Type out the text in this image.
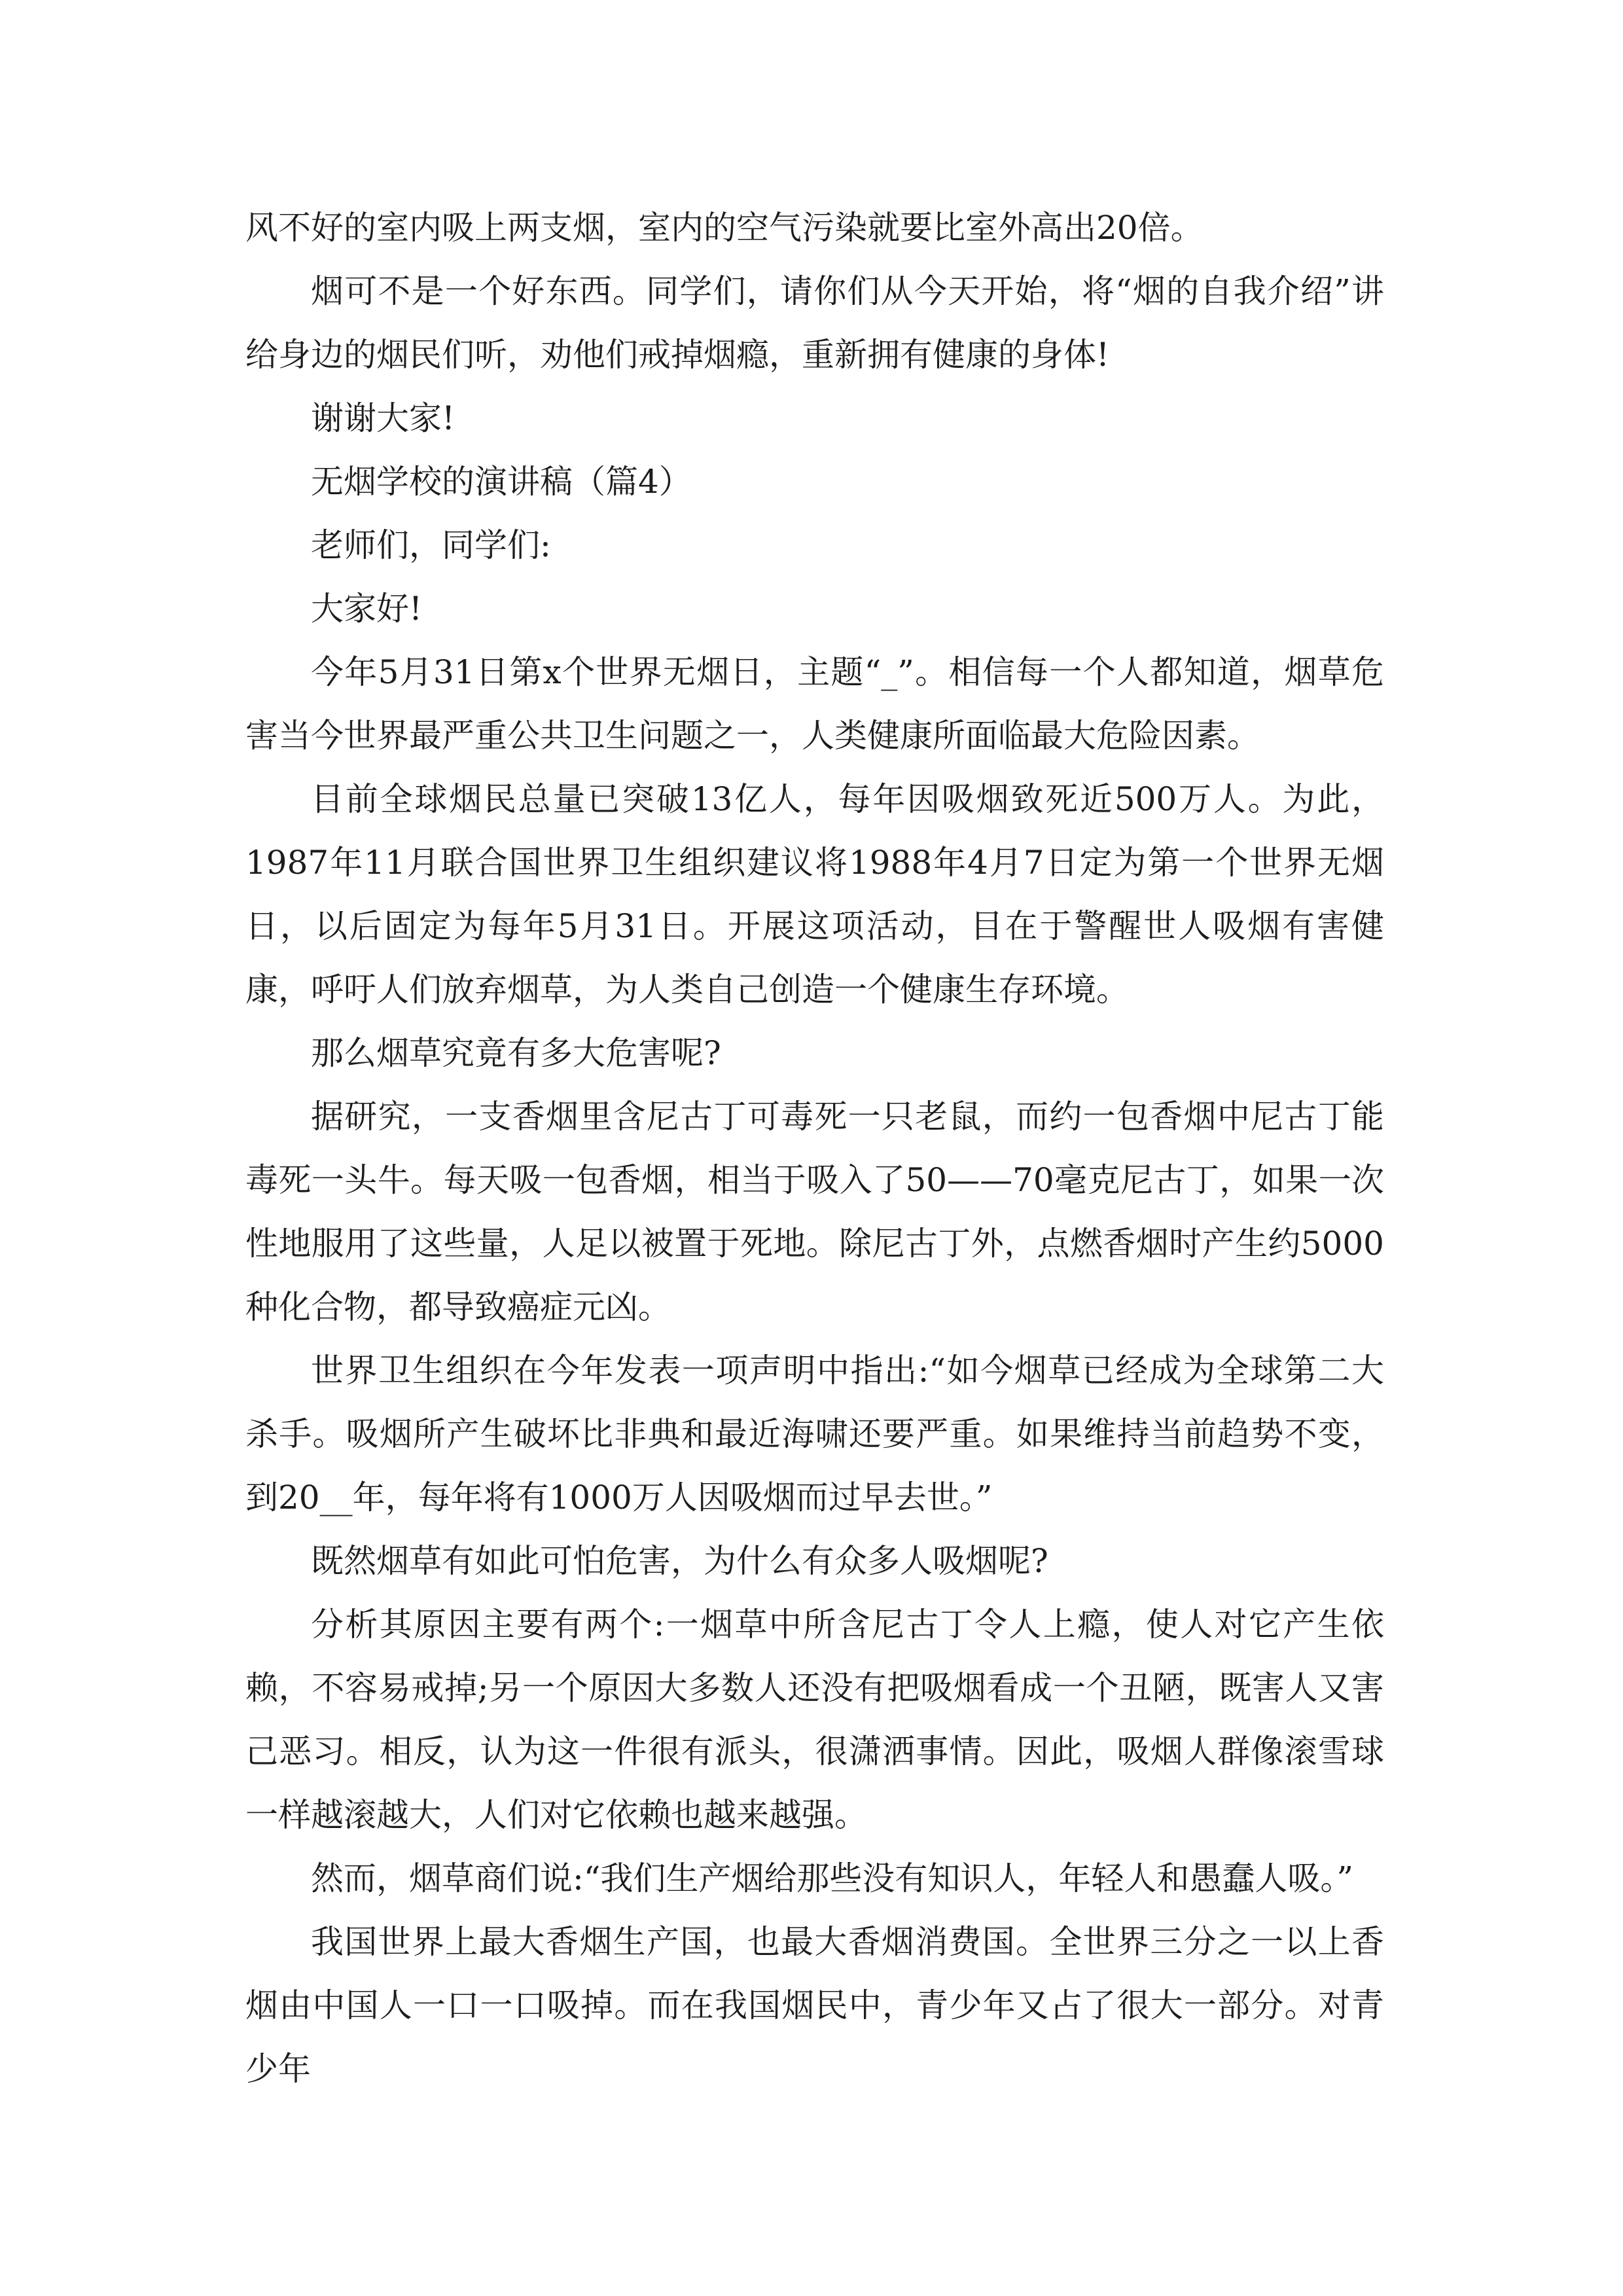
风不好的室内吸上两支烟，室内的空气污染就要比室外高出20倍。

烟可不是一个好东西。同学们，请你们从今天开始，将“烟的自我介绍”讲给身边的烟民们听，劝他们戒掉烟瘾，重新拥有健康的身体!

谢谢大家!

无烟学校的演讲稿（篇4）

老师们，同学们:

大家好!

今年5月31日第x个世界无烟日，主题“_”。相信每一个人都知道，烟草危害当今世界最严重公共卫生问题之一，人类健康所面临最大危险因素。

目前全球烟民总量已突破13亿人，每年因吸烟致死近500万人。为此，1987年11月联合国世界卫生组织建议将1988年4月7日定为第一个世界无烟日，以后固定为每年5月31日。开展这项活动，目在于警醒世人吸烟有害健康，呼吁人们放弃烟草，为人类自己创造一个健康生存环境。

那么烟草究竟有多大危害呢?

据研究，一支香烟里含尼古丁可毒死一只老鼠，而约一包香烟中尼古丁能毒死一头牛。每天吸一包香烟，相当于吸入了50——70毫克尼古丁，如果一次性地服用了这些量，人足以被置于死地。除尼古丁外，点燃香烟时产生约5000种化合物，都导致癌症元凶。

世界卫生组织在今年发表一项声明中指出:“如今烟草已经成为全球第二大杀手。吸烟所产生破坏比非典和最近海啸还要严重。如果维持当前趋势不变，到20__年，每年将有1000万人因吸烟而过早去世。”

既然烟草有如此可怕危害，为什么有众多人吸烟呢?

分析其原因主要有两个:一烟草中所含尼古丁令人上瘾，使人对它产生依赖，不容易戒掉;另一个原因大多数人还没有把吸烟看成一个丑陋，既害人又害己恶习。相反，认为这一件很有派头，很潇洒事情。因此，吸烟人群像滚雪球一样越滚越大，人们对它依赖也越来越强。

然而，烟草商们说:“我们生产烟给那些没有知识人，年轻人和愚蠢人吸。”

我国世界上最大香烟生产国，也最大香烟消费国。全世界三分之一以上香烟由中国人一口一口吸掉。而在我国烟民中，青少年又占了很大一部分。对青少年
